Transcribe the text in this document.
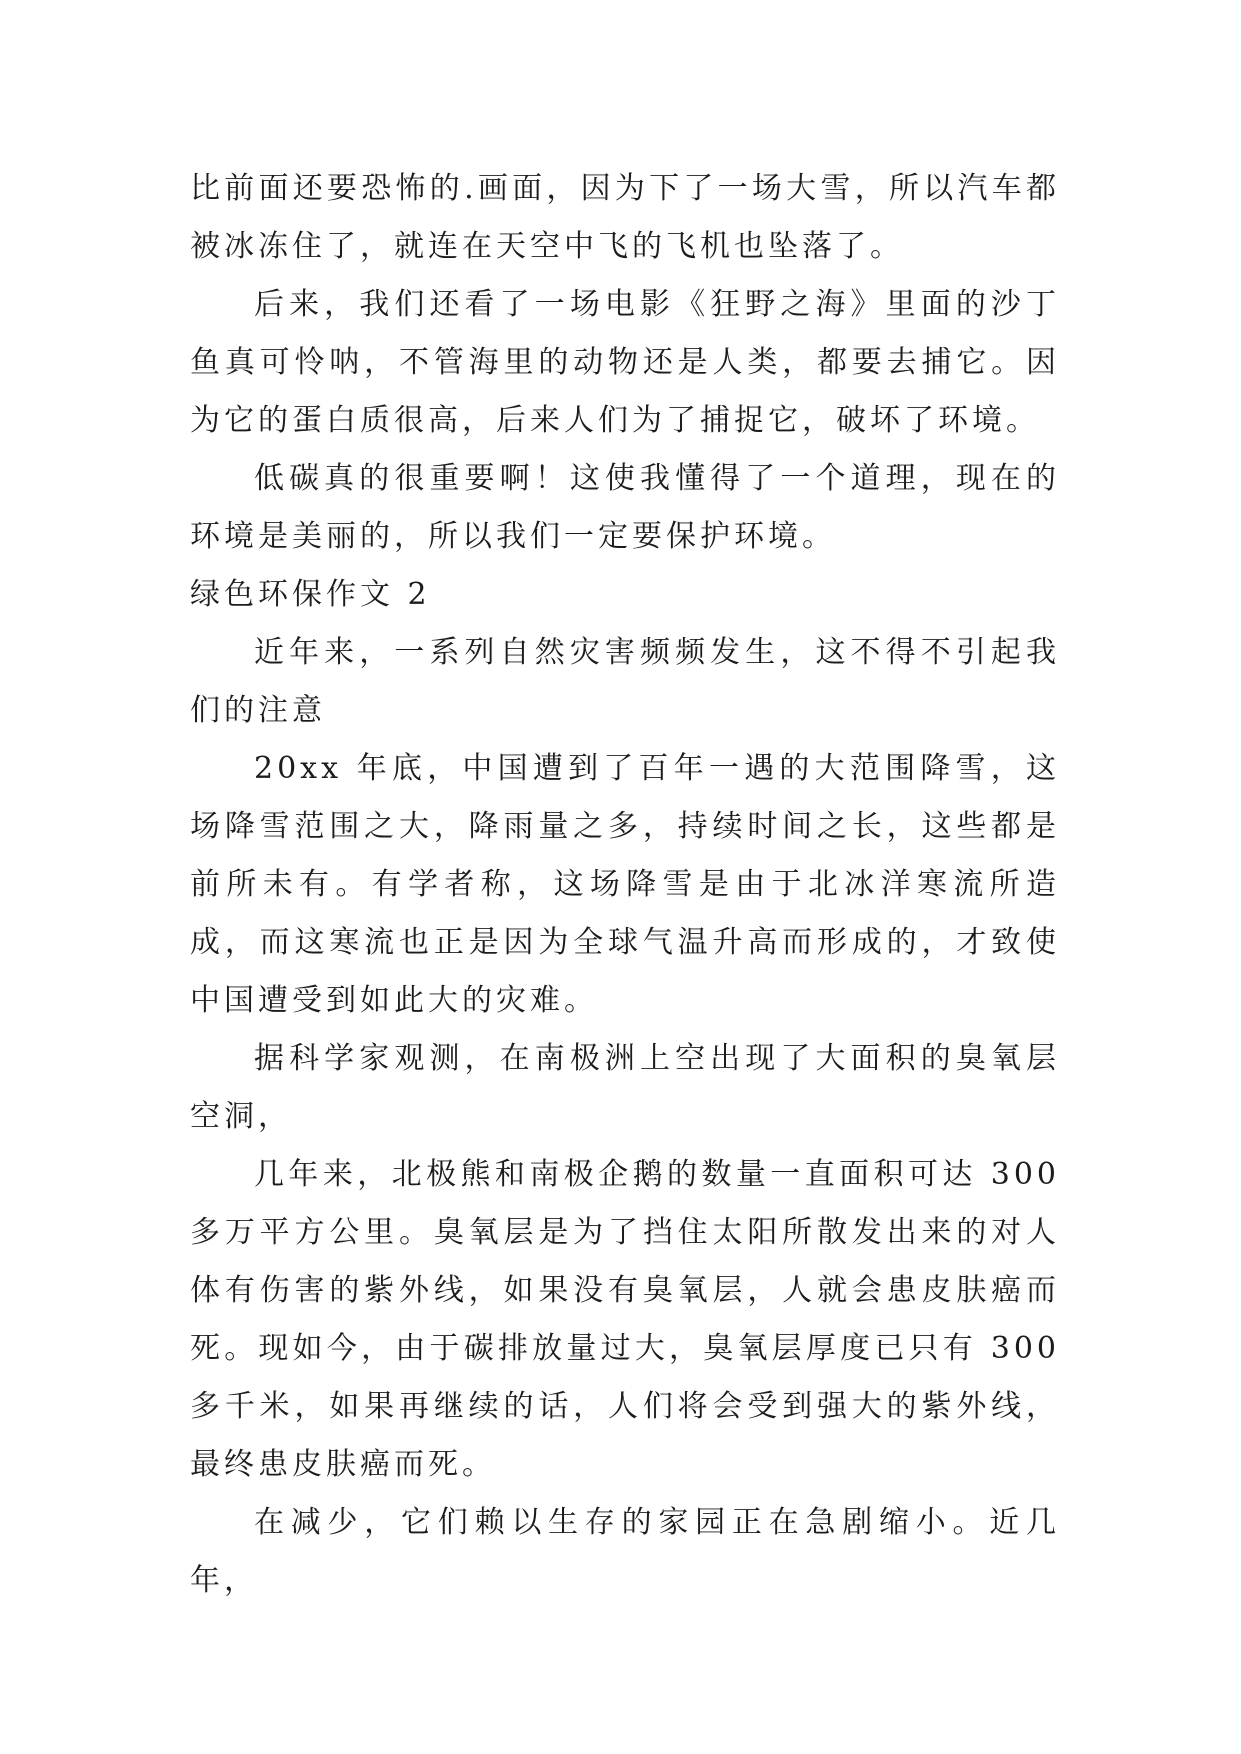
比前面还要恐怖的.画面，因为下了一场大雪，所以汽车都被冰冻住了，就连在天空中飞的飞机也坠落了。

后来，我们还看了一场电影《狂野之海》里面的沙丁鱼真可怜呐，不管海里的动物还是人类，都要去捕它。因为它的蛋白质很高，后来人们为了捕捉它，破坏了环境。

低碳真的很重要啊！这使我懂得了一个道理，现在的环境是美丽的，所以我们一定要保护环境。

绿色环保作文 2

近年来，一系列自然灾害频频发生，这不得不引起我们的注意

20xx 年底，中国遭到了百年一遇的大范围降雪，这场降雪范围之大，降雨量之多，持续时间之长，这些都是前所未有。有学者称，这场降雪是由于北冰洋寒流所造成，而这寒流也正是因为全球气温升高而形成的，才致使中国遭受到如此大的灾难。

据科学家观测，在南极洲上空出现了大面积的臭氧层空洞，

几年来，北极熊和南极企鹅的数量一直面积可达 300 多万平方公里。臭氧层是为了挡住太阳所散发出来的对人体有伤害的紫外线，如果没有臭氧层，人就会患皮肤癌而死。现如今，由于碳排放量过大，臭氧层厚度已只有 300 多千米，如果再继续的话，人们将会受到强大的紫外线，最终患皮肤癌而死。

在减少，它们赖以生存的家园正在急剧缩小。近几年，
